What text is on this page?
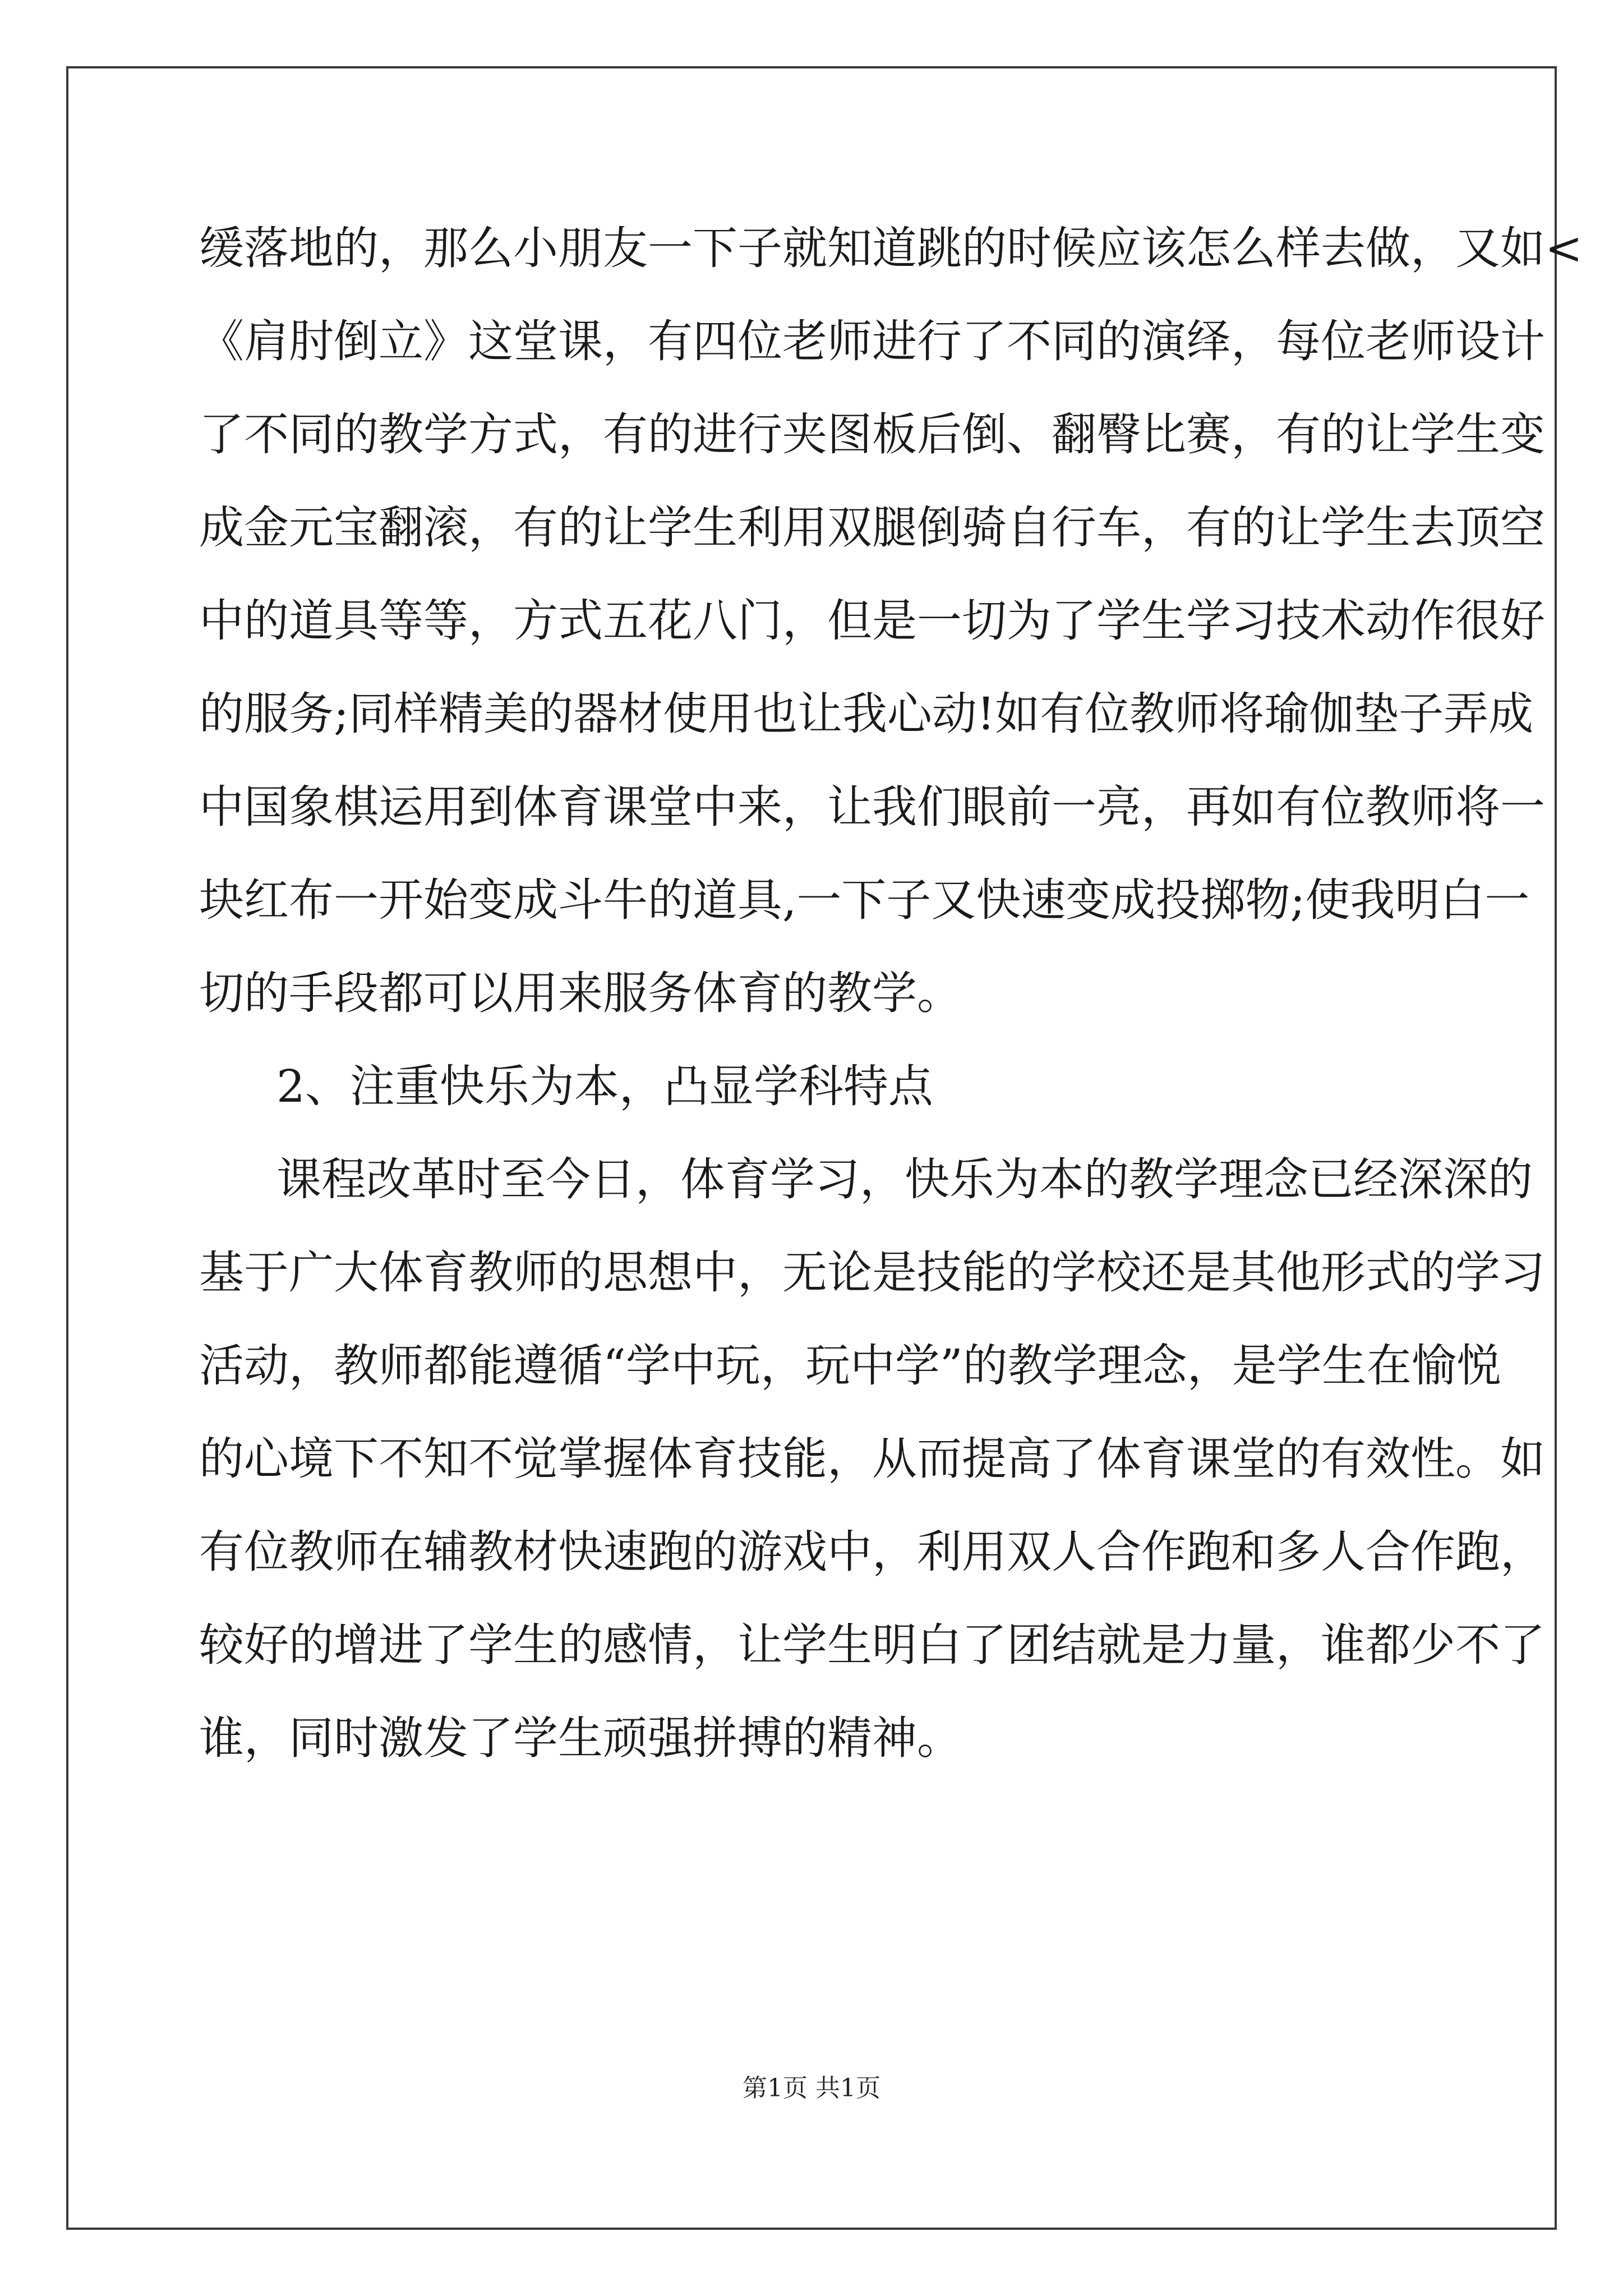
缓落地的，那么小朋友一下子就知道跳的时候应该怎么样去做，又如<
《肩肘倒立》这堂课，有四位老师进行了不同的演绎，每位老师设计
了不同的教学方式，有的进行夹图板后倒、翻臀比赛，有的让学生变
成金元宝翻滚，有的让学生利用双腿倒骑自行车，有的让学生去顶空
中的道具等等，方式五花八门，但是一切为了学生学习技术动作很好
的服务;同样精美的器材使用也让我心动!如有位教师将瑜伽垫子弄成
中国象棋运用到体育课堂中来，让我们眼前一亮，再如有位教师将一
块红布一开始变成斗牛的道具,一下子又快速变成投掷物;使我明白一
切的手段都可以用来服务体育的教学。
2、注重快乐为本，凸显学科特点
课程改革时至今日，体育学习，快乐为本的教学理念已经深深的
基于广大体育教师的思想中，无论是技能的学校还是其他形式的学习
活动，教师都能遵循“学中玩，玩中学”的教学理念，是学生在愉悦
的心境下不知不觉掌握体育技能，从而提高了体育课堂的有效性。如
有位教师在辅教材快速跑的游戏中，利用双人合作跑和多人合作跑，
较好的增进了学生的感情，让学生明白了团结就是力量，谁都少不了
谁，同时激发了学生顽强拼搏的精神。
第1页 共1页
